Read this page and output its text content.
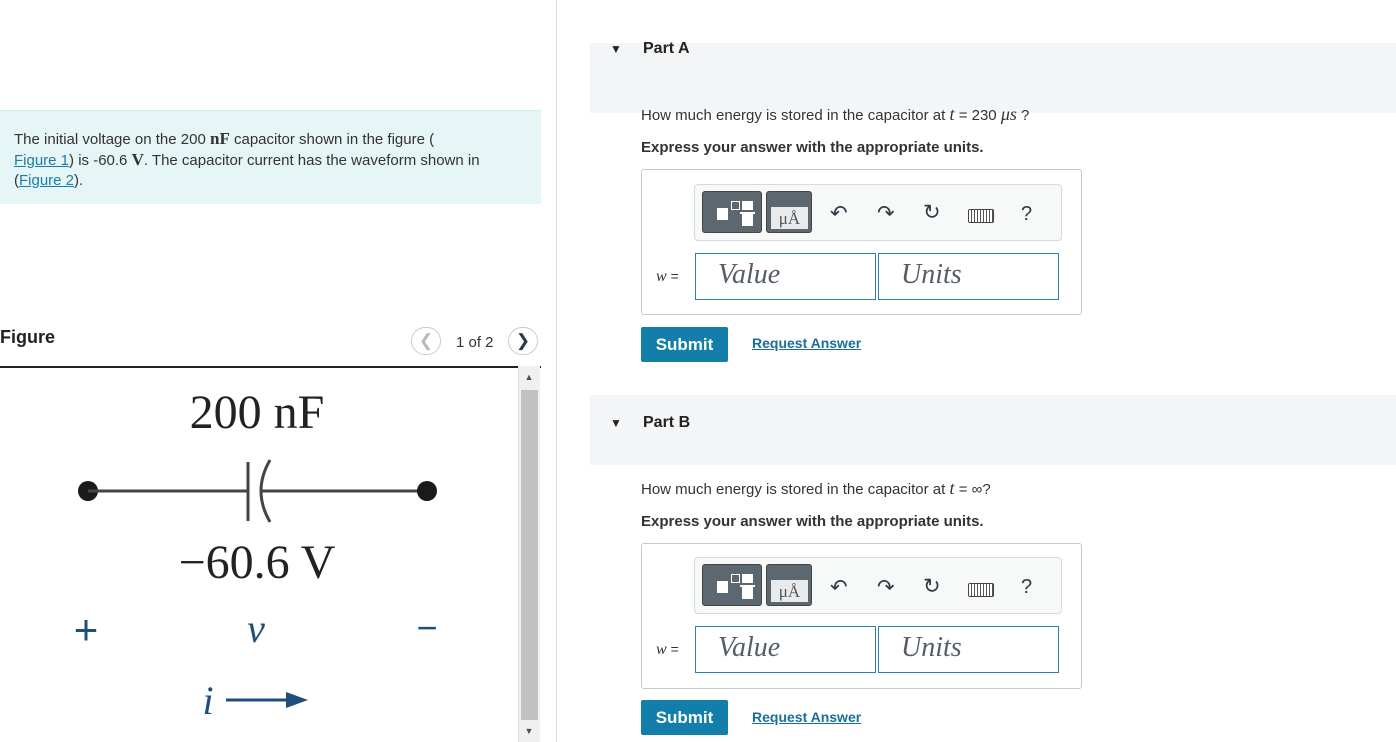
The initial voltage on the 200 nF capacitor shown in the figure (
Figure 1) is -60.6 V. The capacitor current has the waveform shown in
(Figure 2).
Figure	❮	1 of 2	❯
200 nF
−60.6 V
+	v	−
i
▲
▼
▼ Part A
How much energy is stored in the capacitor at t = 230 μs ?
Express your answer with the appropriate units.
μÅ	↶ ↷ ↻	?
w =	Value	Units
Submit	Request Answer
▼ Part B
How much energy is stored in the capacitor at t = ∞?
Express your answer with the appropriate units.
μÅ	↶ ↷ ↻	?
w =	Value	Units
Submit	Request Answer
